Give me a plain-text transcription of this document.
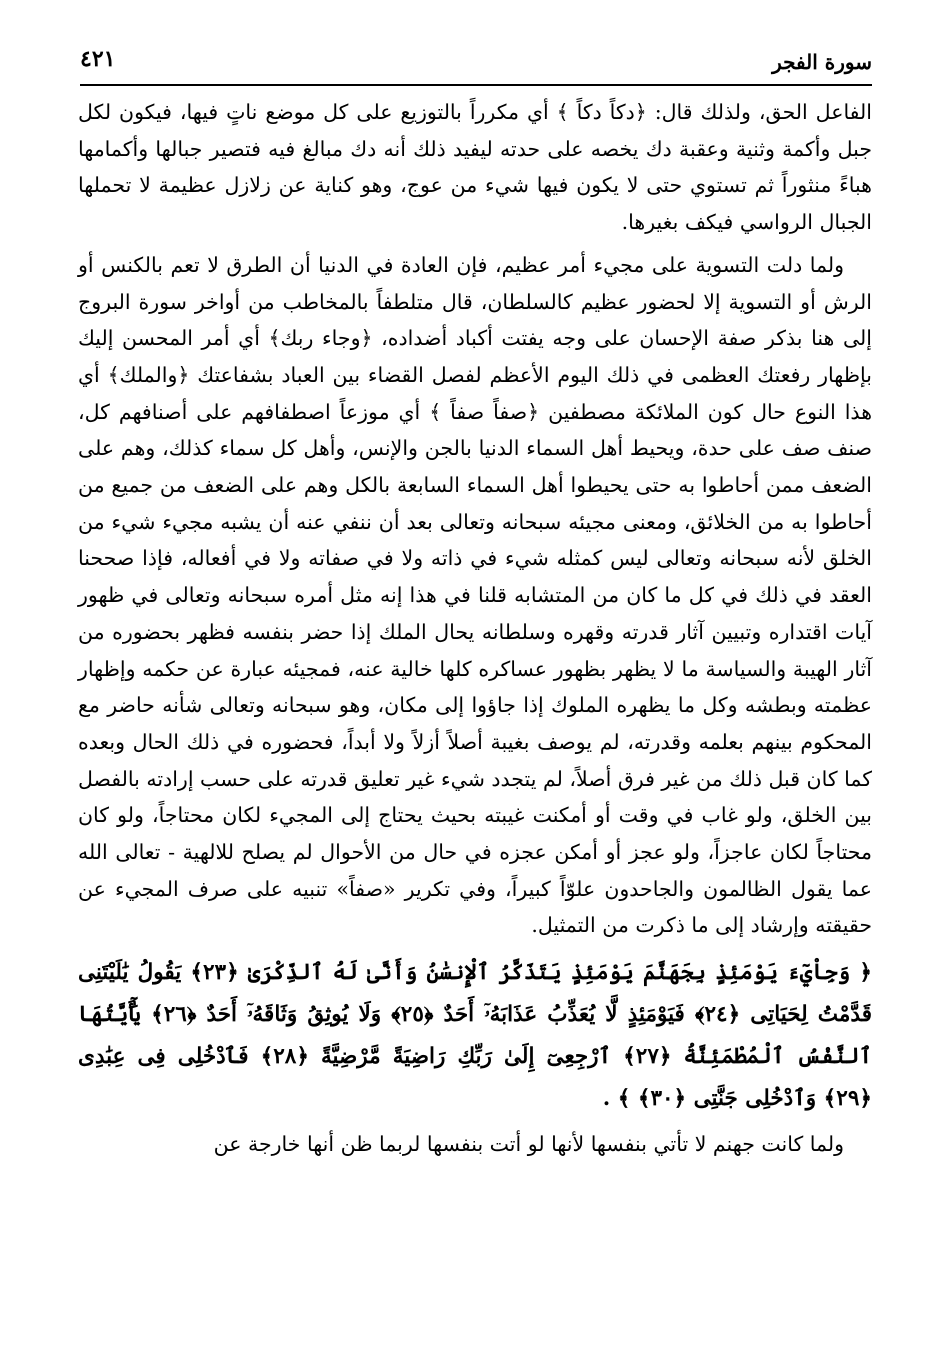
٤٢١	سورة الفجر

الفاعل الحق، ولذلك قال: ﴿دكاً دكاً ﴾ أي مكرراً بالتوزيع على كل موضع ناتٍ فيها، فيكون لكل جبل وأكمة وثنية وعقبة دك يخصه على حدته ليفيد ذلك أنه دك مبالغ فيه فتصير جبالها وأكمامها هباءً منثوراً ثم تستوي حتى لا يكون فيها شيء من عوج، وهو كناية عن زلازل عظيمة لا تحملها الجبال الرواسي فيكف بغيرها.

ولما دلت التسوية على مجيء أمر عظيم، فإن العادة في الدنيا أن الطرق لا تعم بالكنس أو الرش أو التسوية إلا لحضور عظيم كالسلطان، قال متلطفاً بالمخاطب من أواخر سورة البروج إلى هنا بذكر صفة الإحسان على وجه يفتت أكباد أضداده، ﴿وجاء ربك﴾ أي أمر المحسن إليك بإظهار رفعتك العظمى في ذلك اليوم الأعظم لفصل القضاء بين العباد بشفاعتك ﴿والملك﴾ أي هذا النوع حال كون الملائكة مصطفين ﴿صفاً صفاً ﴾ أي موزعاً اصطفافهم على أصنافهم كل، صنف صف على حدة، ويحيط أهل السماء الدنيا بالجن والإنس، وأهل كل سماء كذلك، وهم على الضعف ممن أحاطوا به حتى يحيطوا أهل السماء السابعة بالكل وهم على الضعف من جميع من أحاطوا به من الخلائق، ومعنى مجيئه سبحانه وتعالى بعد أن ننفي عنه أن يشبه مجيء شيء من الخلق لأنه سبحانه وتعالى ليس كمثله شيء في ذاته ولا في صفاته ولا في أفعاله، فإذا صححنا العقد في ذلك في كل ما كان من المتشابه قلنا في هذا إنه مثل أمره سبحانه وتعالى في ظهور آيات اقتداره وتبيين آثار قدرته وقهره وسلطانه يحال الملك إذا حضر بنفسه فظهر بحضوره من آثار الهيبة والسياسة ما لا يظهر بظهور عساكره كلها خالية عنه، فمجيئه عبارة عن حكمه وإظهار عظمته وبطشه وكل ما يظهره الملوك إذا جاؤوا إلى مكان، وهو سبحانه وتعالى شأنه حاضر مع المحكوم بينهم بعلمه وقدرته، لم يوصف بغيبة أصلاً أزلاً ولا أبداً، فحضوره في ذلك الحال وبعده كما كان قبل ذلك من غير فرق أصلاً، لم يتجدد شيء غير تعليق قدرته على حسب إرادته بالفصل بين الخلق، ولو غاب في وقت أو أمكنت غيبته بحيث يحتاج إلى المجيء لكان محتاجاً، ولو كان محتاجاً لكان عاجزاً، ولو عجز أو أمكن عجزه في حال من الأحوال لم يصلح للالهية - تعالى الله عما يقول الظالمون والجاحدون علوّاً كبيراً، وفي تكرير «صفاً» تنبيه على صرف المجيء عن حقيقته وإرشاد إلى ما ذكرت من التمثيل.

﴿ وَجِاْيٓءَ يَوْمَئِذٍ بِجَهَنَّمَ يَوْمَئِذٍ يَتَذَكَّرُ ٱلْإِنسَٰنُ وَأَنَّىٰ لَهُ ٱلذِّكْرَىٰ ﴿٢٣﴾ يَقُولُ يَٰلَيْتَنِى قَدَّمْتُ لِحَيَاتِى ﴿٢٤﴾ فَيَوْمَئِذٍ لَّا يُعَذِّبُ عَذَابَهُۥٓ أَحَدٌ ﴿٢٥﴾ وَلَا يُوثِقُ وَثَاقَهُۥٓ أَحَدٌ ﴿٢٦﴾ يَٰٓأَيَّتُهَا ٱلنَّفْسُ ٱلْمُطْمَئِنَّةُ ﴿٢٧﴾ ٱرْجِعِىٓ إِلَىٰ رَبِّكِ رَاضِيَةً مَّرْضِيَّةً ﴿٢٨﴾ فَٱدْخُلِى فِى عِبَٰدِى ﴿٢٩﴾ وَٱدْخُلِى جَنَّتِى ﴿٣٠﴾ ﴾ .

ولما كانت جهنم لا تأتي بنفسها لأنها لو أتت بنفسها لربما ظن أنها خارجة عن
